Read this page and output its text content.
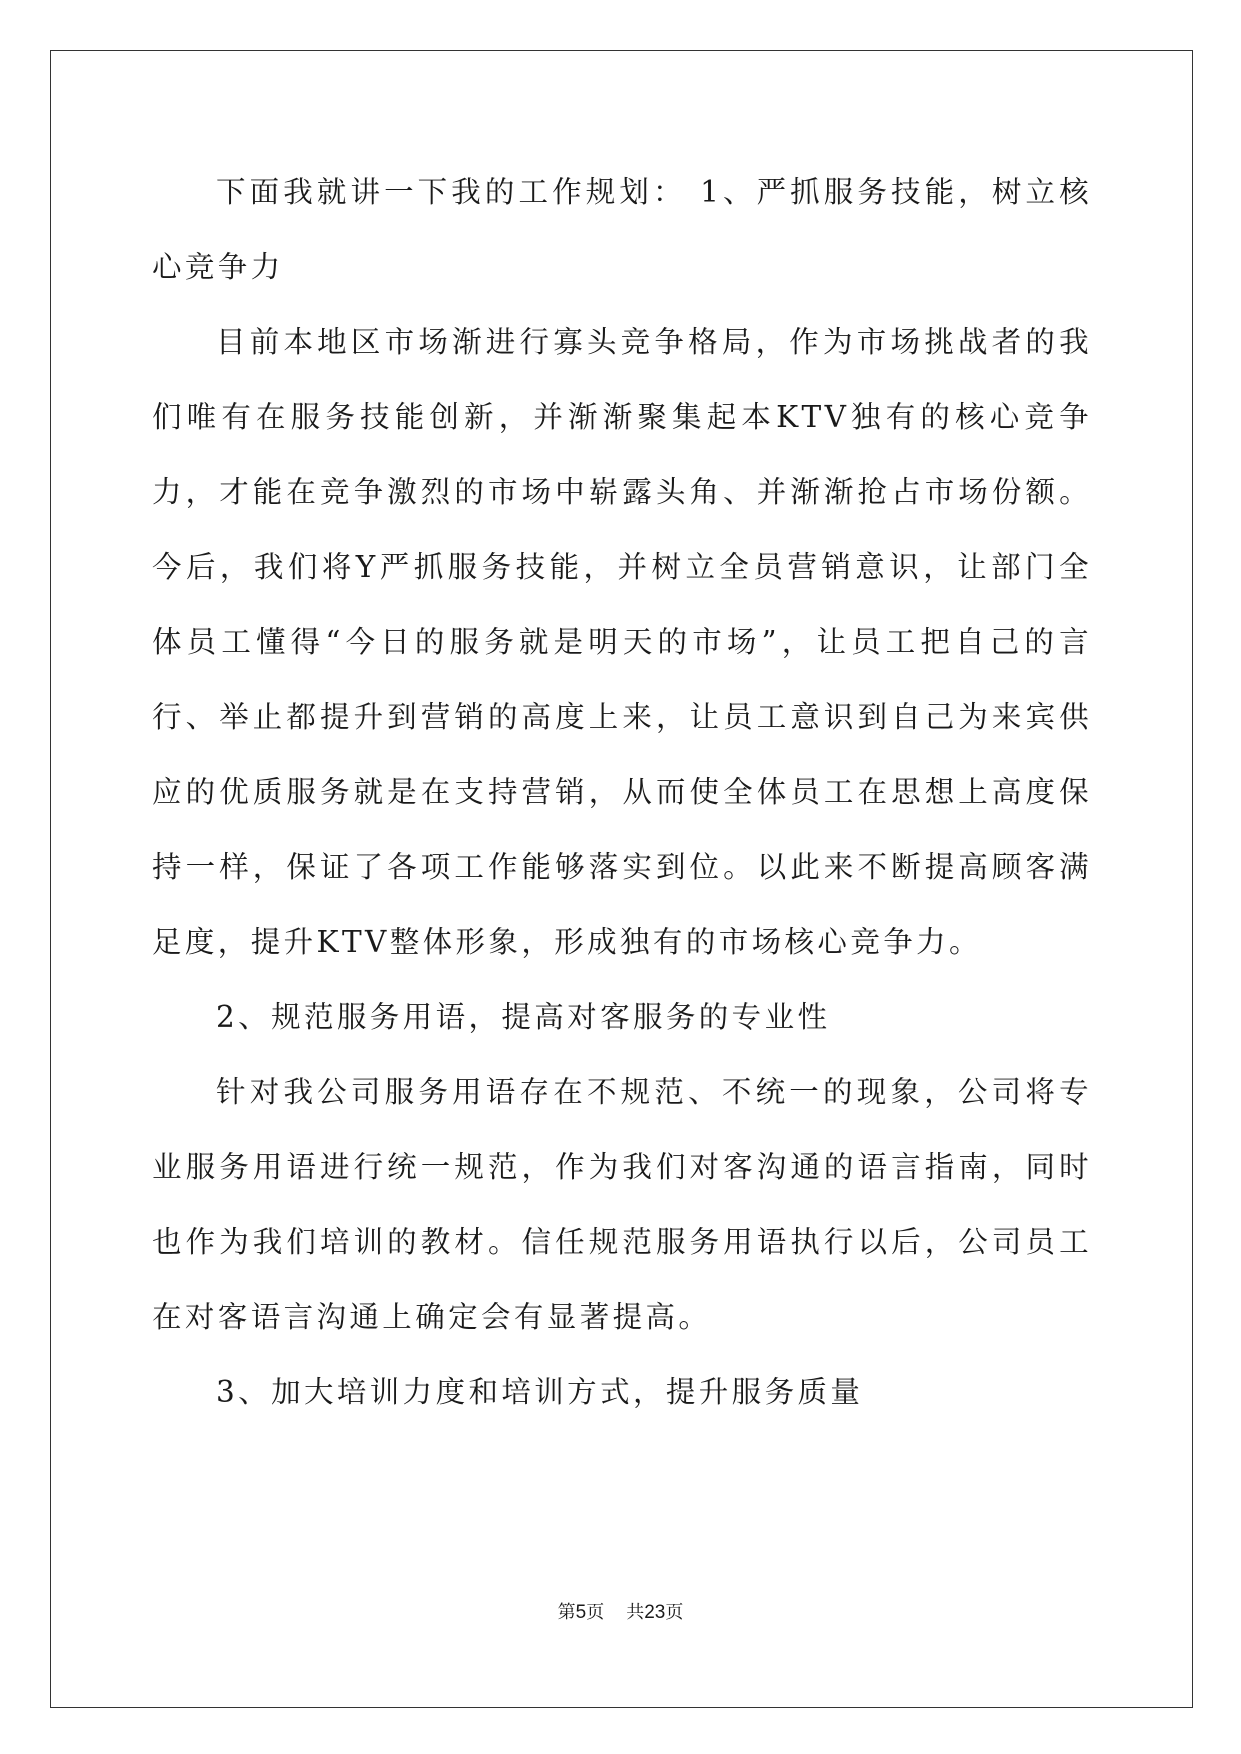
下面我就讲一下我的工作规划： 1、严抓服务技能，树立核心竞争力

目前本地区市场渐进行寡头竞争格局，作为市场挑战者的我们唯有在服务技能创新，并渐渐聚集起本KTV独有的核心竞争力，才能在竞争激烈的市场中崭露头角、并渐渐抢占市场份额。今后，我们将Y严抓服务技能，并树立全员营销意识，让部门全体员工懂得“今日的服务就是明天的市场”，让员工把自己的言行、举止都提升到营销的高度上来，让员工意识到自己为来宾供应的优质服务就是在支持营销，从而使全体员工在思想上高度保持一样，保证了各项工作能够落实到位。以此来不断提高顾客满足度，提升KTV整体形象，形成独有的市场核心竞争力。

2、规范服务用语，提高对客服务的专业性

针对我公司服务用语存在不规范、不统一的现象，公司将专业服务用语进行统一规范，作为我们对客沟通的语言指南，同时也作为我们培训的教材。信任规范服务用语执行以后，公司员工在对客语言沟通上确定会有显著提高。

3、加大培训力度和培训方式，提升服务质量

第5页 共23页
